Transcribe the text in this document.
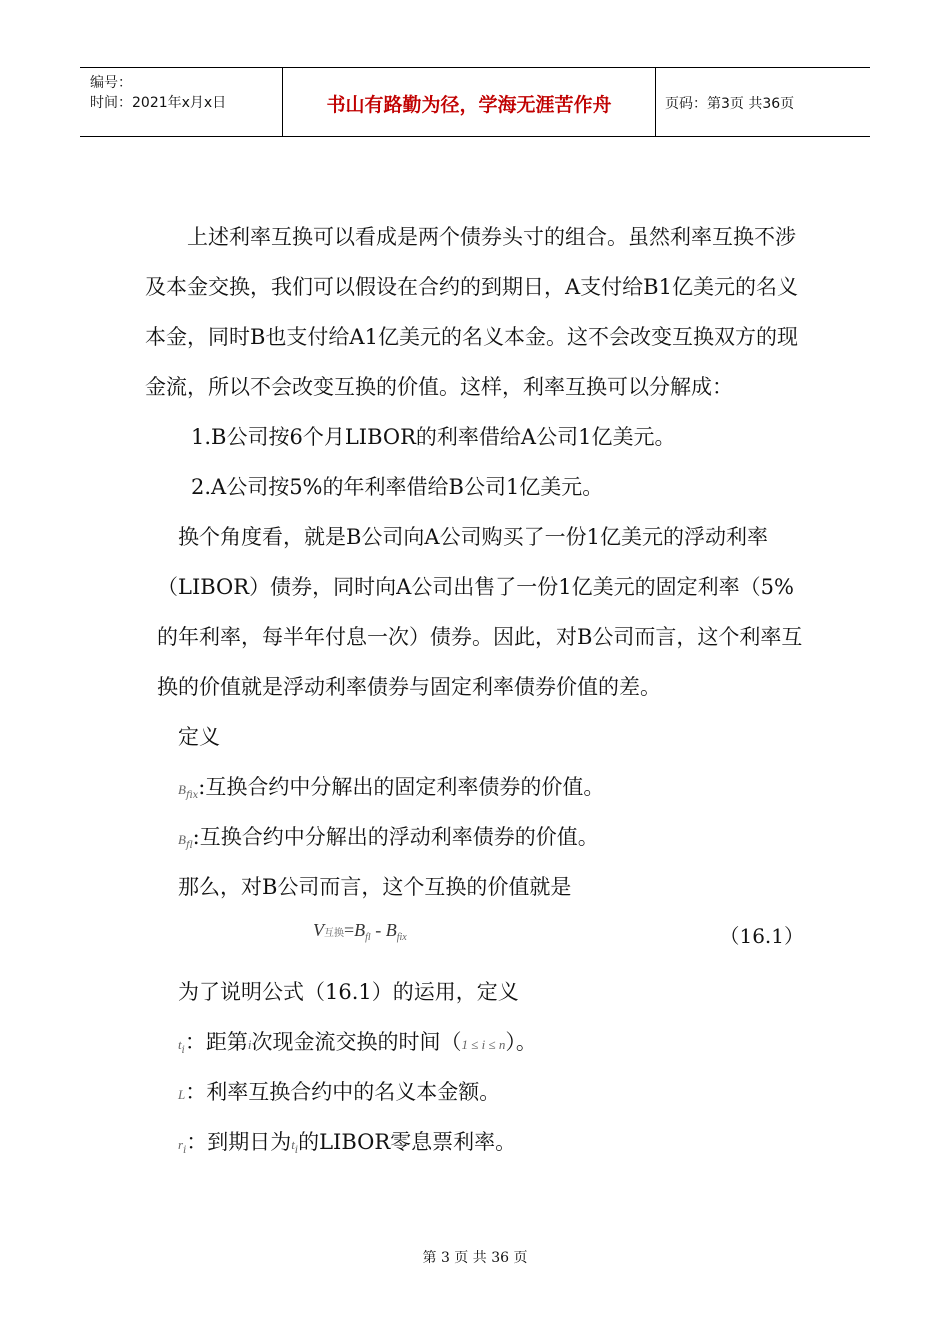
编号：
时间：2021年x月x日	书山有路勤为径，学海无涯苦作舟	页码：第3页 共36页

上述利率互换可以看成是两个债券头寸的组合。虽然利率互换不涉及本金交换，我们可以假设在合约的到期日，A支付给B1亿美元的名义本金，同时B也支付给A1亿美元的名义本金。这不会改变互换双方的现金流，所以不会改变互换的价值。这样，利率互换可以分解成：

1.B公司按6个月LIBOR的利率借给A公司1亿美元。

2.A公司按5%的年利率借给B公司1亿美元。

换个角度看，就是B公司向A公司购买了一份1亿美元的浮动利率（LIBOR）债券，同时向A公司出售了一份1亿美元的固定利率（5%的年利率，每半年付息一次）债券。因此，对B公司而言，这个利率互换的价值就是浮动利率债券与固定利率债券价值的差。

定义

$B_{fix}$:互换合约中分解出的固定利率债券的价值。
$B_{fl}$:互换合约中分解出的浮动利率债券的价值。

那么，对B公司而言，这个互换的价值就是

V互换$=B_{fl} - B_{fix}$	（16.1）

为了说明公式（16.1）的运用，定义

$t_i$：距第i次现金流交换的时间（1 ≤ i ≤ n）。
L：利率互换合约中的名义本金额。
$r_i$：到期日为$t_i$的LIBOR零息票利率。
第 3 页 共 36 页
